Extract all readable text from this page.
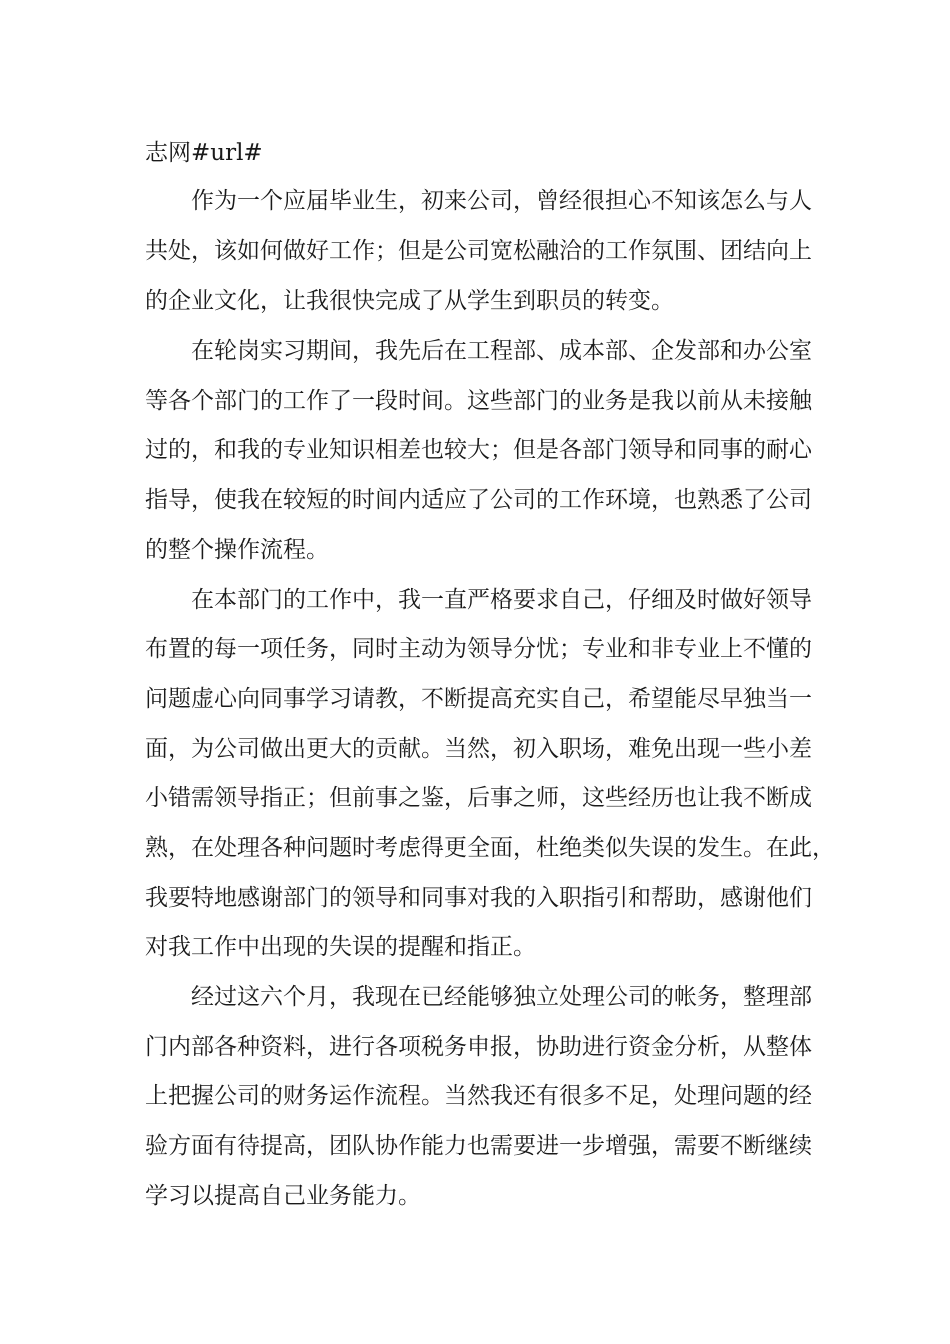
志网#url#
　　作为一个应届毕业生，初来公司，曾经很担心不知该怎么与人
共处，该如何做好工作；但是公司宽松融洽的工作氛围、团结向上
的企业文化，让我很快完成了从学生到职员的转变。
　　在轮岗实习期间，我先后在工程部、成本部、企发部和办公室
等各个部门的工作了一段时间。这些部门的业务是我以前从未接触
过的，和我的专业知识相差也较大；但是各部门领导和同事的耐心
指导，使我在较短的时间内适应了公司的工作环境，也熟悉了公司
的整个操作流程。
　　在本部门的工作中，我一直严格要求自己，仔细及时做好领导
布置的每一项任务，同时主动为领导分忧；专业和非专业上不懂的
问题虚心向同事学习请教，不断提高充实自己，希望能尽早独当一
面，为公司做出更大的贡献。当然，初入职场，难免出现一些小差
小错需领导指正；但前事之鉴，后事之师，这些经历也让我不断成
熟，在处理各种问题时考虑得更全面，杜绝类似失误的发生。在此，
我要特地感谢部门的领导和同事对我的入职指引和帮助，感谢他们
对我工作中出现的失误的提醒和指正。
　　经过这六个月，我现在已经能够独立处理公司的帐务，整理部
门内部各种资料，进行各项税务申报，协助进行资金分析，从整体
上把握公司的财务运作流程。当然我还有很多不足，处理问题的经
验方面有待提高，团队协作能力也需要进一步增强，需要不断继续
学习以提高自己业务能力。
